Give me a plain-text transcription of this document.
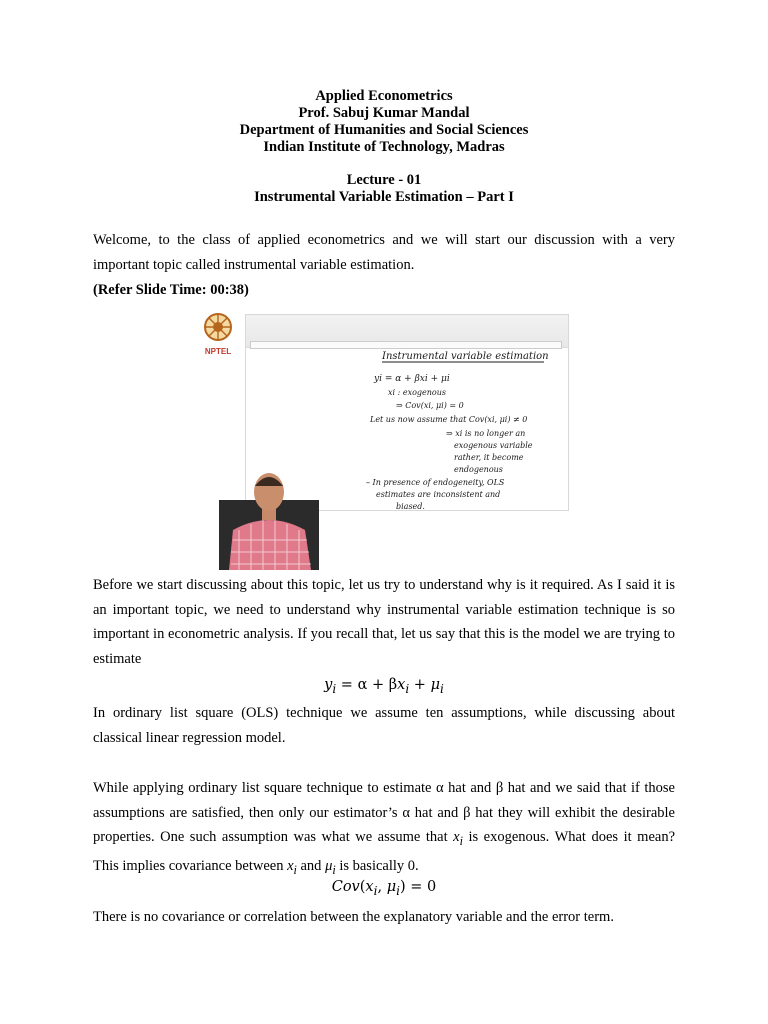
Applied Econometrics
Prof. Sabuj Kumar Mandal
Department of Humanities and Social Sciences
Indian Institute of Technology, Madras
Lecture - 01
Instrumental Variable Estimation – Part I
Welcome, to the class of applied econometrics and we will start our discussion with a very important topic called instrumental variable estimation.
(Refer Slide Time: 00:38)
NPTEL	Instrumental variable estimation
yi = α + βxi + μi
xi : exogenous
⇒ Cov(xi, μi) = 0
Let us now assume that Cov(xi, μi) ≠ 0
⇒ xi is no longer an
exogenous variable
rather, it become
endogenous
– In presence of endogeneity, OLS
estimates are inconsistent and
biased.
Before we start discussing about this topic, let us try to understand why is it required. As I said it is an important topic, we need to understand why instrumental variable estimation technique is so important in econometric analysis. If you recall that, let us say that this is the model we are trying to estimate
$y_i = \alpha + \beta x_i + \mu_i$
In ordinary list square (OLS) technique we assume ten assumptions, while discussing about classical linear regression model.
While applying ordinary list square technique to estimate α hat and β hat and we said that if those assumptions are satisfied, then only our estimator’s α hat and β hat they will exhibit the desirable properties. One such assumption was what we assume that $x_i$ is exogenous. What does it mean? This implies covariance between $x_i$ and $\mu_i$ is basically 0.
$Cov(x_i$, $\mu_i) = 0$
There is no covariance or correlation between the explanatory variable and the error term.
